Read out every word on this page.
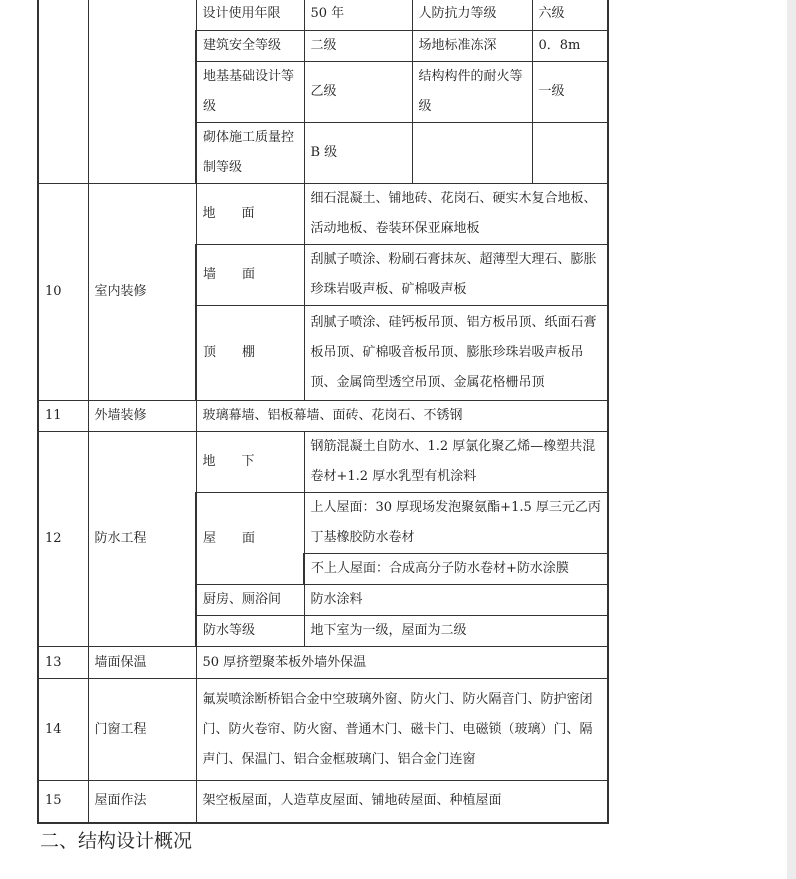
		设计使用年限	50 年	人防抗力等级	六级
		建筑安全等级	二级	场地标准冻深	0．8m
		地基基础设计等级	乙级	结构构件的耐火等级	一级
		砌体施工质量控制等级	B 级		
10	室内装修	地　　面	细石混凝土、铺地砖、花岗石、硬实木复合地板、活动地板、卷装环保亚麻地板		
		墙　　面	刮腻子喷涂、粉刷石膏抹灰、超薄型大理石、膨胀珍珠岩吸声板、矿棉吸声板		
		顶　　棚	刮腻子喷涂、硅钙板吊顶、铝方板吊顶、纸面石膏板吊顶、矿棉吸音板吊顶、膨胀珍珠岩吸声板吊顶、金属筒型透空吊顶、金属花格栅吊顶		
11	外墙装修	玻璃幕墙、铝板幕墙、面砖、花岗石、不锈钢			
12	防水工程	地　　下	钢筋混凝土自防水、1.2 厚氯化聚乙烯—橡塑共混卷材+1.2 厚水乳型有机涂料		
		屋　　面	上人屋面：30 厚现场发泡聚氨酯+1.5 厚三元乙丙丁基橡胶防水卷材		
			不上人屋面：合成高分子防水卷材+防水涂膜		
		厨房、厕浴间	防水涂料		
		防水等级	地下室为一级，屋面为二级		
13	墙面保温	50 厚挤塑聚苯板外墙外保温			
14	门窗工程	氟炭喷涂断桥铝合金中空玻璃外窗、防火门、防火隔音门、防护密闭门、防火卷帘、防火窗、普通木门、磁卡门、电磁锁（玻璃）门、隔声门、保温门、铝合金框玻璃门、铝合金门连窗			
15	屋面作法	架空板屋面，人造草皮屋面、铺地砖屋面、种植屋面			
二、结构设计概况
